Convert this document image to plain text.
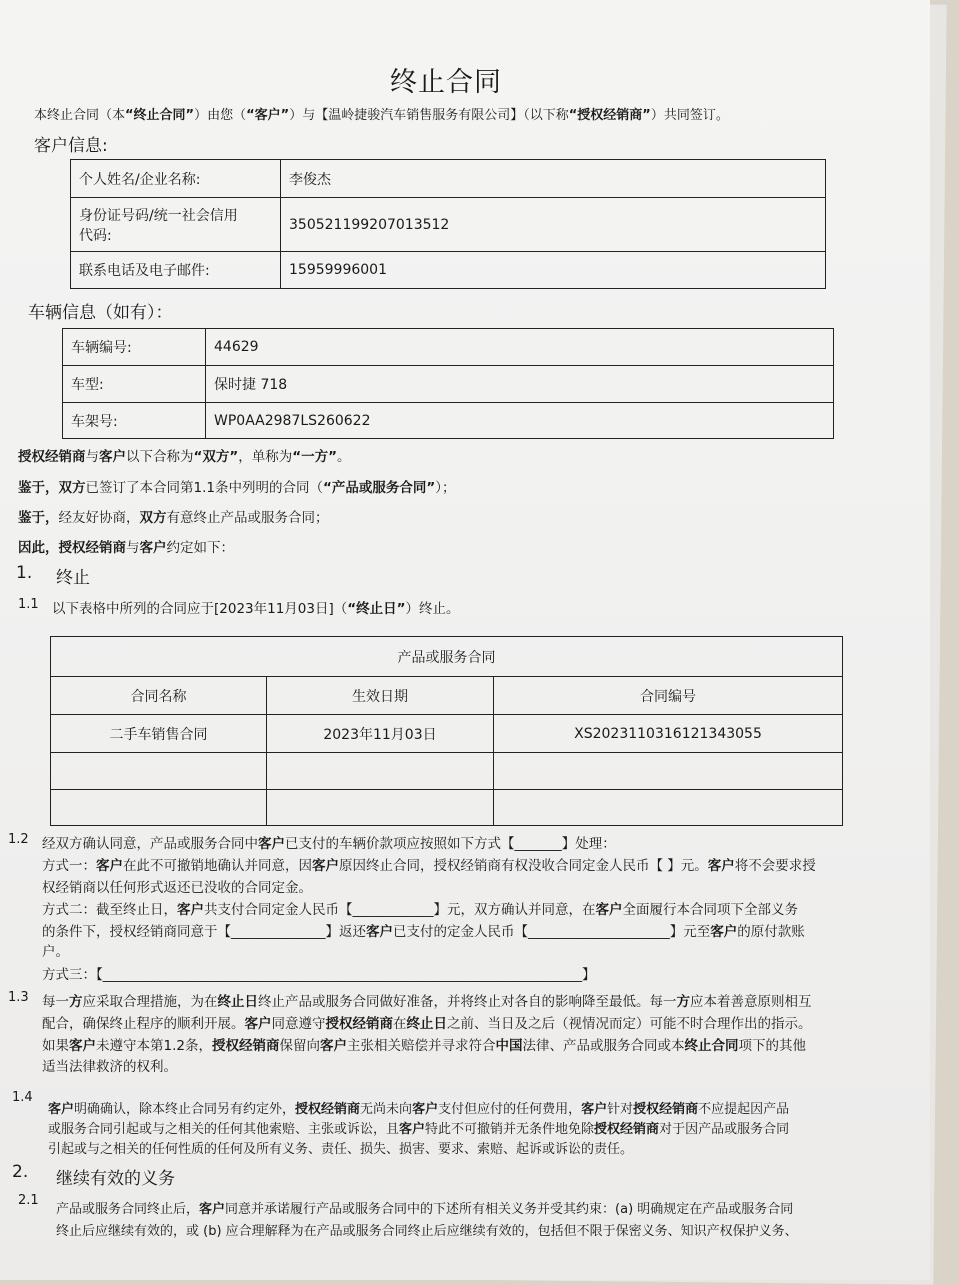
终止合同
本终止合同（本“终止合同”）由您（“客户”）与【温岭捷骏汽车销售服务有限公司】（以下称“授权经销商”）共同签订。
客户信息:
个人姓名/企业名称:	李俊杰

身份证号码/统一社会信用
代码:	350521199207013512
联系电话及电子邮件:	15959996001
车辆信息（如有）：
车辆编号:	44629
车型:	保时捷 718
车架号:	WP0AA2987LS260622
授权经销商与客户以下合称为“双方”，单称为“一方”。
鉴于，双方已签订了本合同第1.1条中列明的合同（“产品或服务合同”）；
鉴于，经友好协商，双方有意终止产品或服务合同；
因此，授权经销商与客户约定如下：
1. 终止
1.1 以下表格中所列的合同应于[2023年11月03日]（“终止日”）终止。
产品或服务合同		
合同名称	生效日期	合同编号
二手车销售合同	2023年11月03日	XS2023110316121343055

1.2 经双方确认同意，产品或服务合同中客户已支付的车辆价款项应按照如下方式【_______】处理：
方式一：客户在此不可撤销地确认并同意，因客户原因终止合同，授权经销商有权没收合同定金人民币【 】元。客户将不会要求授
权经销商以任何形式返还已没收的合同定金。
方式二：截至终止日，客户共支付合同定金人民币【____________】元，双方确认并同意，在客户全面履行本合同项下全部义务
的条件下，授权经销商同意于【______________】返还客户已支付的定金人民币【_____________________】元至客户的原付款账
户。
方式三：【_______________________________________________________________________】
1.3 每一方应采取合理措施，为在终止日终止产品或服务合同做好准备，并将终止对各自的影响降至最低。每一方应本着善意原则相互
配合，确保终止程序的顺利开展。客户同意遵守授权经销商在终止日之前、当日及之后（视情况而定）可能不时合理作出的指示。
如果客户未遵守本第1.2条，授权经销商保留向客户主张相关赔偿并寻求符合中国法律、产品或服务合同或本终止合同项下的其他
适当法律救济的权利。
1.4
客户明确确认，除本终止合同另有约定外，授权经销商无尚未向客户支付但应付的任何费用，客户针对授权经销商不应提起因产品
或服务合同引起或与之相关的任何其他索赔、主张或诉讼，且客户特此不可撤销并无条件地免除授权经销商对于因产品或服务合同
引起或与之相关的任何性质的任何及所有义务、责任、损失、损害、要求、索赔、起诉或诉讼的责任。
2. 继续有效的义务
2.1
产品或服务合同终止后，客户同意并承诺履行产品或服务合同中的下述所有相关义务并受其约束：(a) 明确规定在产品或服务合同
终止后应继续有效的，或 (b) 应合理解释为在产品或服务合同终止后应继续有效的，包括但不限于保密义务、知识产权保护义务、
